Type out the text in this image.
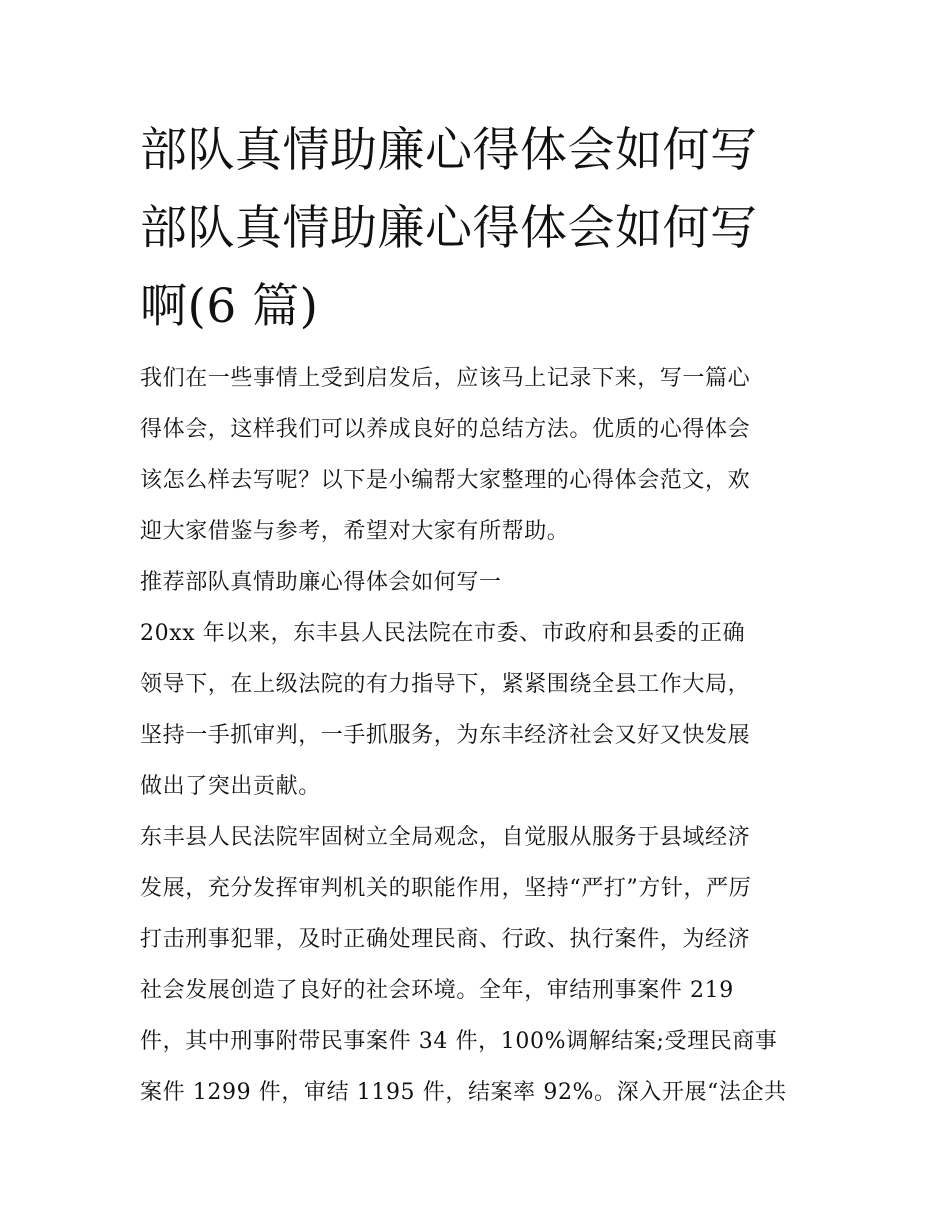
部队真情助廉心得体会如何写
部队真情助廉心得体会如何写
啊(6 篇)
我们在一些事情上受到启发后，应该马上记录下来，写一篇心
得体会，这样我们可以养成良好的总结方法。优质的心得体会
该怎么样去写呢？以下是小编帮大家整理的心得体会范文，欢
迎大家借鉴与参考，希望对大家有所帮助。
推荐部队真情助廉心得体会如何写一
20xx 年以来，东丰县人民法院在市委、市政府和县委的正确
领导下，在上级法院的有力指导下，紧紧围绕全县工作大局，
坚持一手抓审判，一手抓服务，为东丰经济社会又好又快发展
做出了突出贡献。
东丰县人民法院牢固树立全局观念，自觉服从服务于县域经济
发展，充分发挥审判机关的职能作用，坚持“严打”方针，严厉
打击刑事犯罪，及时正确处理民商、行政、执行案件，为经济
社会发展创造了良好的社会环境。全年，审结刑事案件 219
件，其中刑事附带民事案件 34 件，100%调解结案;受理民商事
案件 1299 件，审结 1195 件，结案率 92%。深入开展“法企共
